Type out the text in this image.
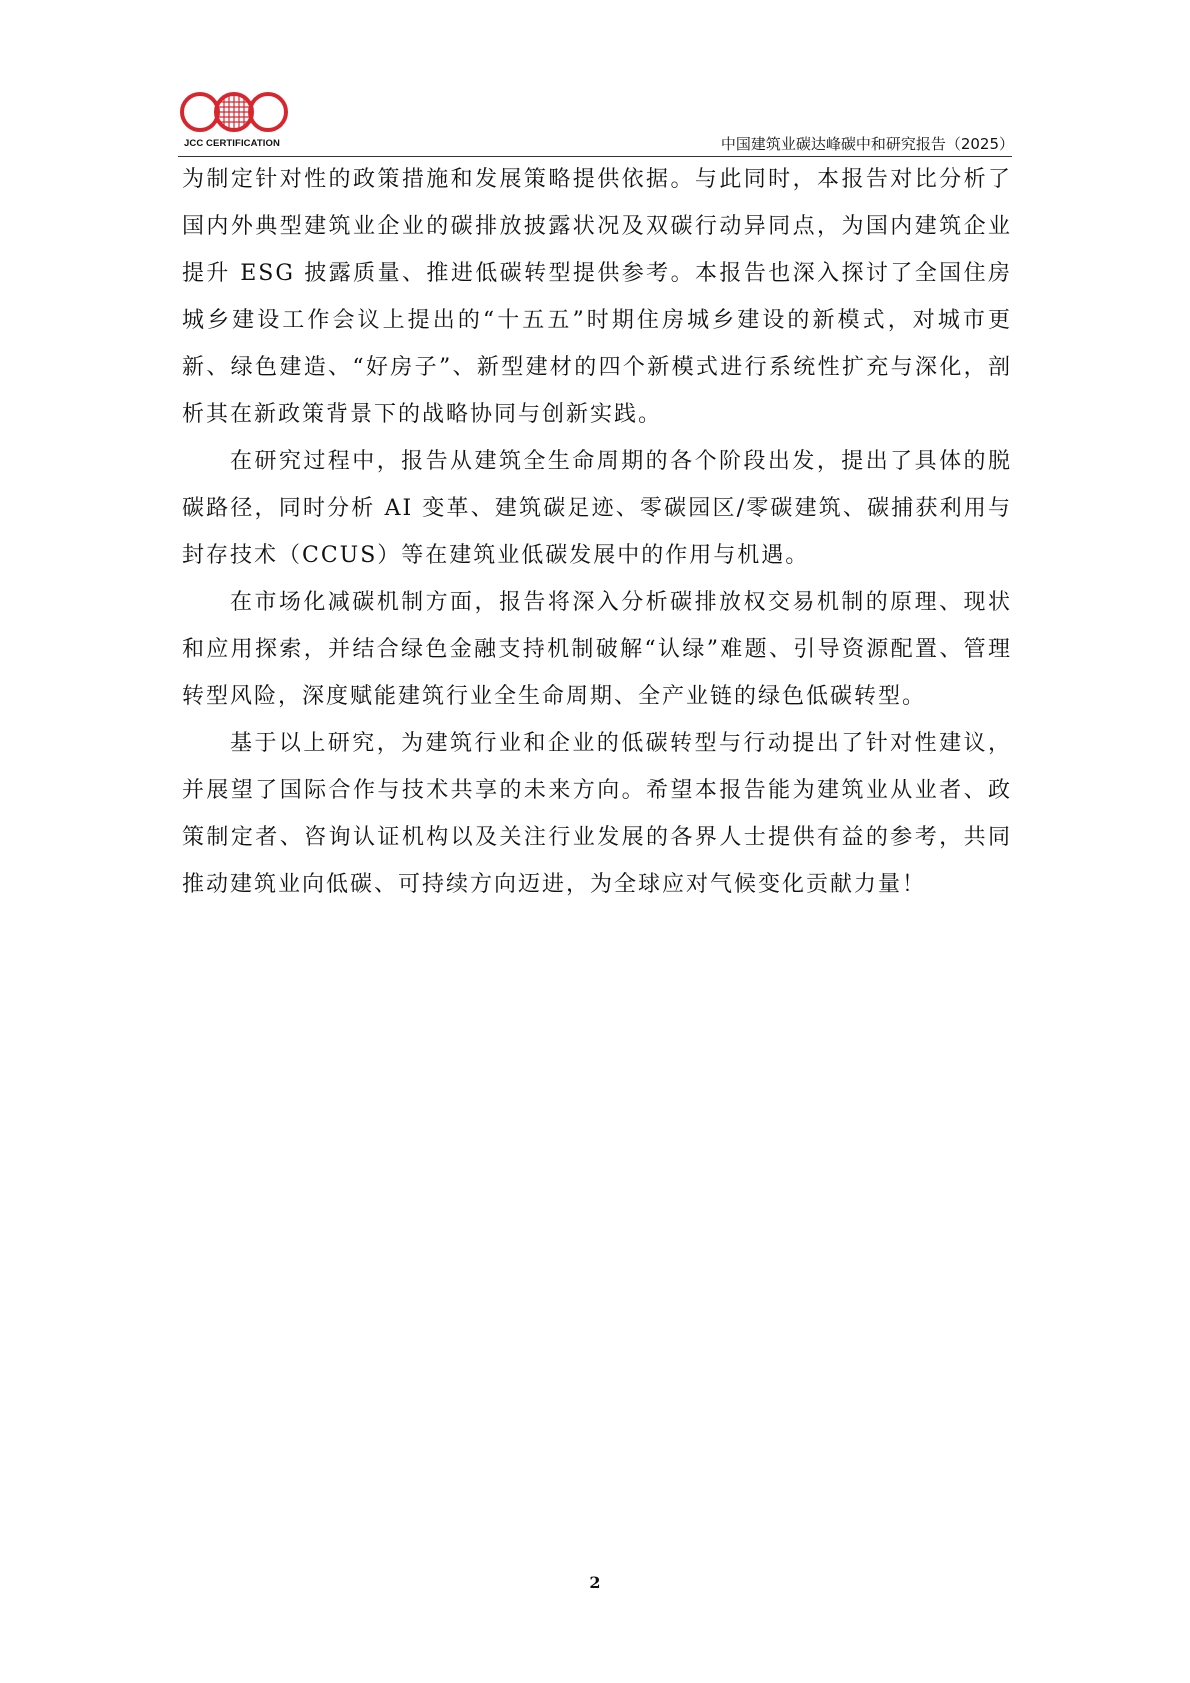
JCC CERTIFICATION	中国建筑业碳达峰碳中和研究报告（2025）

为制定针对性的政策措施和发展策略提供依据。与此同时，本报告对比分析了国内外典型建筑业企业的碳排放披露状况及双碳行动异同点，为国内建筑企业提升 ESG 披露质量、推进低碳转型提供参考。本报告也深入探讨了全国住房城乡建设工作会议上提出的“十五五”时期住房城乡建设的新模式，对城市更新、绿色建造、“好房子”、新型建材的四个新模式进行系统性扩充与深化，剖析其在新政策背景下的战略协同与创新实践。

在研究过程中，报告从建筑全生命周期的各个阶段出发，提出了具体的脱碳路径，同时分析 AI 变革、建筑碳足迹、零碳园区/零碳建筑、碳捕获利用与封存技术（CCUS）等在建筑业低碳发展中的作用与机遇。

在市场化减碳机制方面，报告将深入分析碳排放权交易机制的原理、现状和应用探索，并结合绿色金融支持机制破解“认绿”难题、引导资源配置、管理转型风险，深度赋能建筑行业全生命周期、全产业链的绿色低碳转型。

基于以上研究，为建筑行业和企业的低碳转型与行动提出了针对性建议，并展望了国际合作与技术共享的未来方向。希望本报告能为建筑业从业者、政策制定者、咨询认证机构以及关注行业发展的各界人士提供有益的参考，共同推动建筑业向低碳、可持续方向迈进，为全球应对气候变化贡献力量！

2
